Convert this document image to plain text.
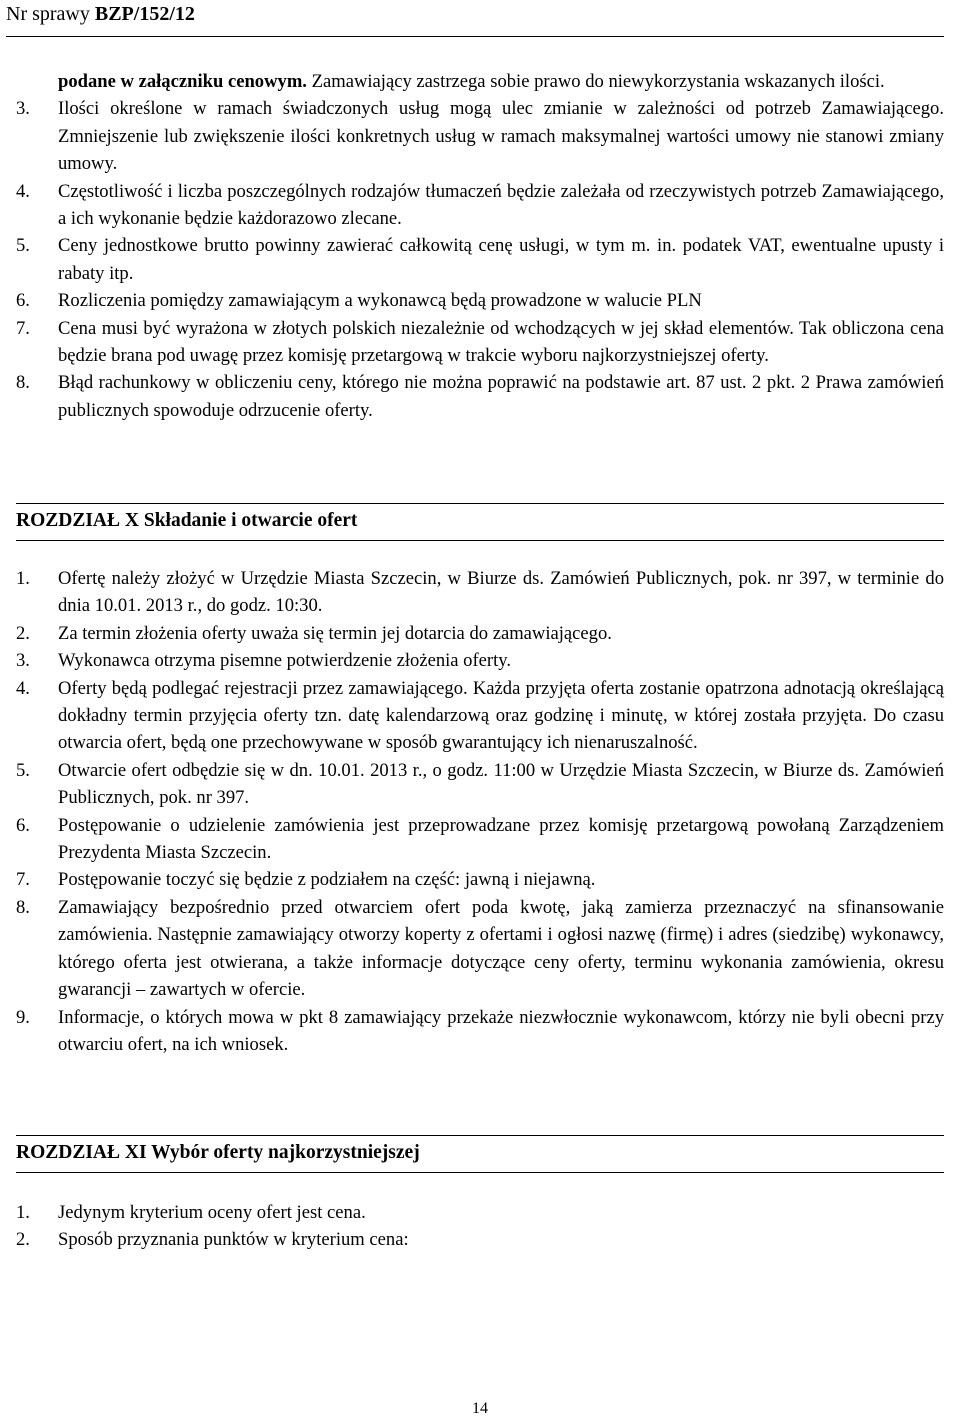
Nr sprawy BZP/152/12
podane w załączniku cenowym. Zamawiający zastrzega sobie prawo do niewykorzystania wskazanych ilości.
3.	Ilości określone w ramach świadczonych usług mogą ulec zmianie w zależności od potrzeb Zamawiającego. Zmniejszenie lub zwiększenie ilości konkretnych usług w ramach maksymalnej wartości umowy nie stanowi zmiany umowy.
4.	Częstotliwość i liczba poszczególnych rodzajów tłumaczeń będzie zależała od rzeczywistych potrzeb Zamawiającego, a ich wykonanie będzie każdorazowo zlecane.
5.	Ceny jednostkowe brutto powinny zawierać całkowitą cenę usługi, w tym m. in. podatek VAT, ewentualne upusty i rabaty itp.
6.	Rozliczenia pomiędzy zamawiającym a wykonawcą będą prowadzone w walucie PLN
7.	Cena musi być wyrażona w złotych polskich niezależnie od wchodzących w jej skład elementów. Tak obliczona cena będzie brana pod uwagę przez komisję przetargową w trakcie wyboru najkorzystniejszej oferty.
8.	Błąd rachunkowy w obliczeniu ceny, którego nie można poprawić na podstawie art. 87 ust. 2 pkt. 2 Prawa zamówień publicznych spowoduje odrzucenie oferty.
ROZDZIAŁ X Składanie i otwarcie ofert
1.	Ofertę należy złożyć w Urzędzie Miasta Szczecin, w Biurze ds. Zamówień Publicznych, pok. nr 397, w terminie do dnia 10.01. 2013 r., do godz. 10:30.
2.	Za termin złożenia oferty uważa się termin jej dotarcia do zamawiającego.
3.	Wykonawca otrzyma pisemne potwierdzenie złożenia oferty.
4.	Oferty będą podlegać rejestracji przez zamawiającego. Każda przyjęta oferta zostanie opatrzona adnotacją określającą dokładny termin przyjęcia oferty tzn. datę kalendarzową oraz godzinę i minutę, w której została przyjęta. Do czasu otwarcia ofert, będą one przechowywane w sposób gwarantujący ich nienaruszalność.
5.	Otwarcie ofert odbędzie się w dn. 10.01. 2013 r., o godz. 11:00 w Urzędzie Miasta Szczecin, w Biurze ds. Zamówień Publicznych, pok. nr 397.
6.	Postępowanie o udzielenie zamówienia jest przeprowadzane przez komisję przetargową powołaną Zarządzeniem Prezydenta Miasta Szczecin.
7.	Postępowanie toczyć się będzie z podziałem na część: jawną i niejawną.
8.	Zamawiający bezpośrednio przed otwarciem ofert poda kwotę, jaką zamierza przeznaczyć na sfinansowanie zamówienia. Następnie zamawiający otworzy koperty z ofertami i ogłosi nazwę (firmę) i adres (siedzibę) wykonawcy, którego oferta jest otwierana, a także informacje dotyczące ceny oferty, terminu wykonania zamówienia, okresu gwarancji – zawartych w ofercie.
9.	Informacje, o których mowa w pkt 8 zamawiający przekaże niezwłocznie wykonawcom, którzy nie byli obecni przy otwarciu ofert, na ich wniosek.
ROZDZIAŁ XI Wybór oferty najkorzystniejszej
1.	Jedynym kryterium oceny ofert jest cena.
2.	Sposób przyznania punktów w kryterium cena:
14
